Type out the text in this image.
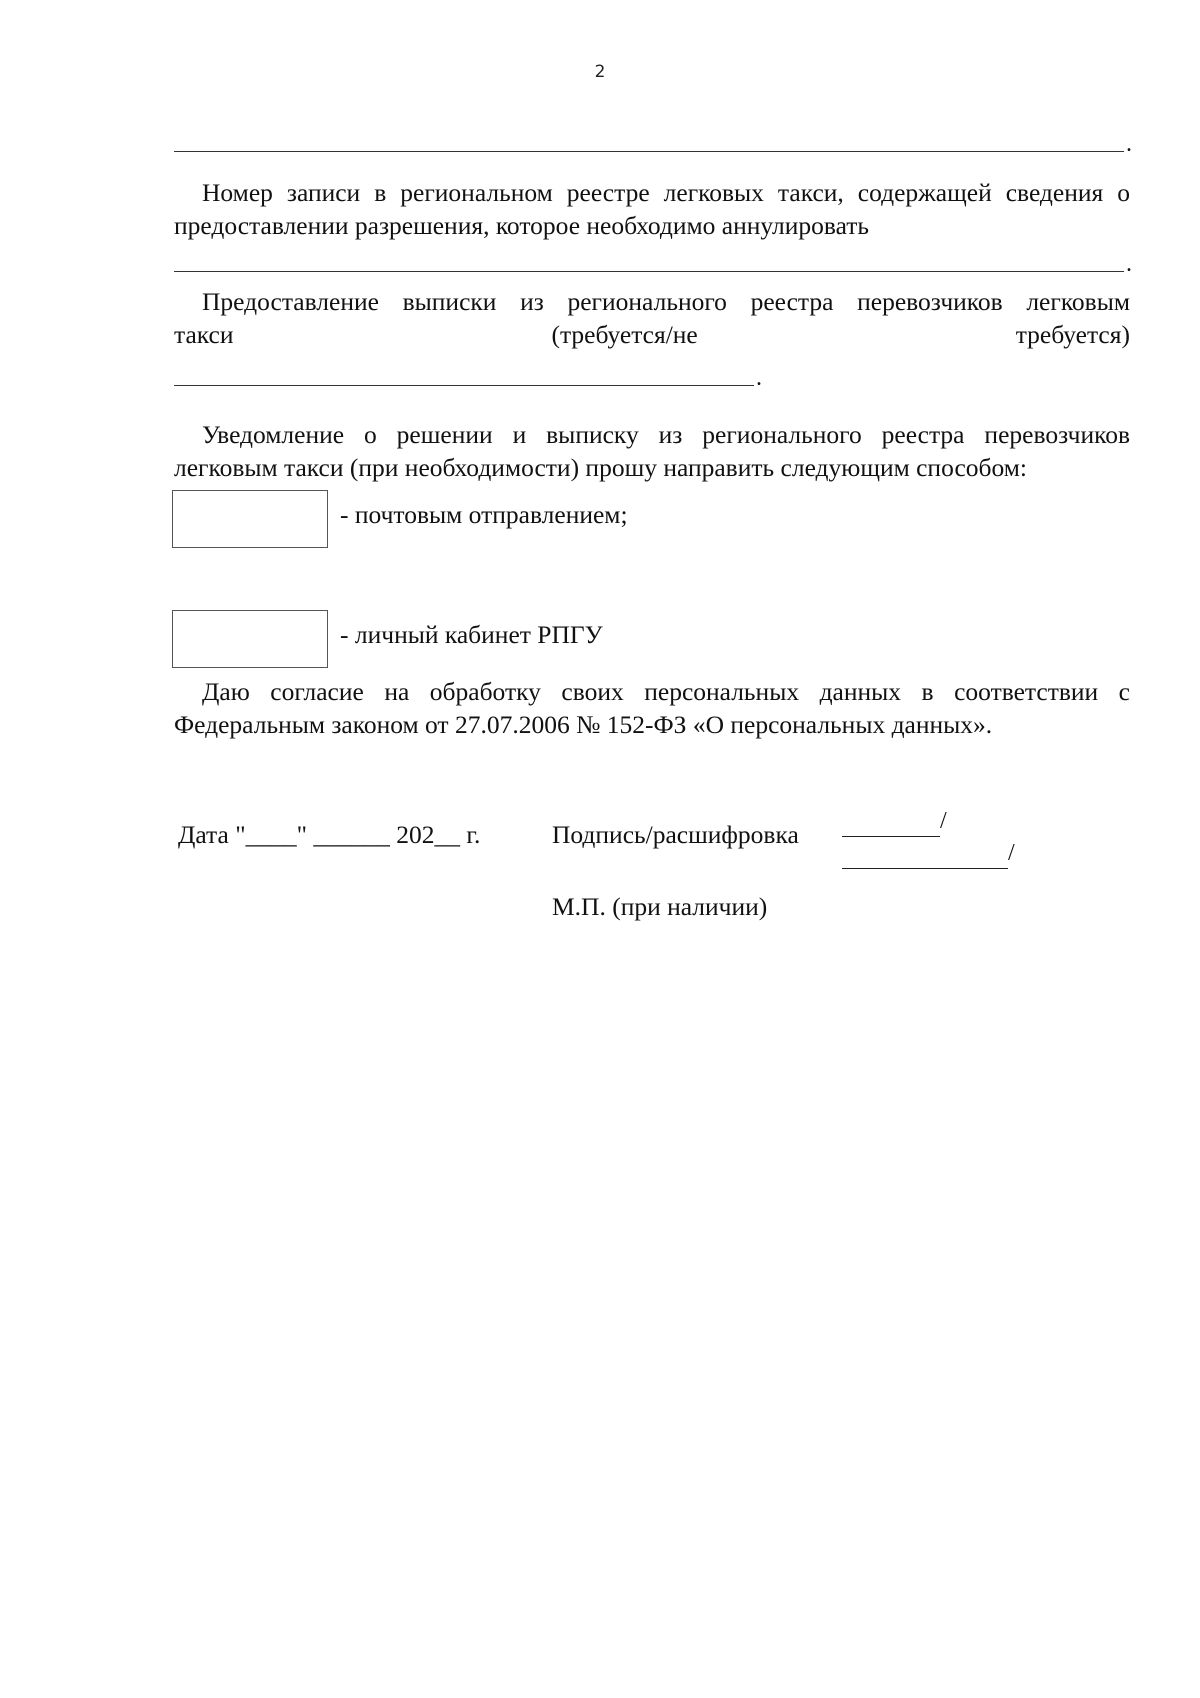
2
.

Номер записи в региональном реестре легковых такси, содержащей сведения о предоставлении разрешения, которое необходимо аннулировать

.
Предоставление выписки из регионального реестра перевозчиков легковым
такси	(требуется/не	требуется)
.

Уведомление о решении и выписку из регионального реестра перевозчиков легковым такси (при необходимости) прошу направить следующим способом:

- почтовым отправлением;
- личный кабинет РПГУ

Даю согласие на обработку своих персональных данных в соответствии с Федеральным законом от 27.07.2006 № 152-ФЗ «О персональных данных».

Дата "____" ______ 202__ г.	Подпись/расшифровка	/
/
М.П. (при наличии)
